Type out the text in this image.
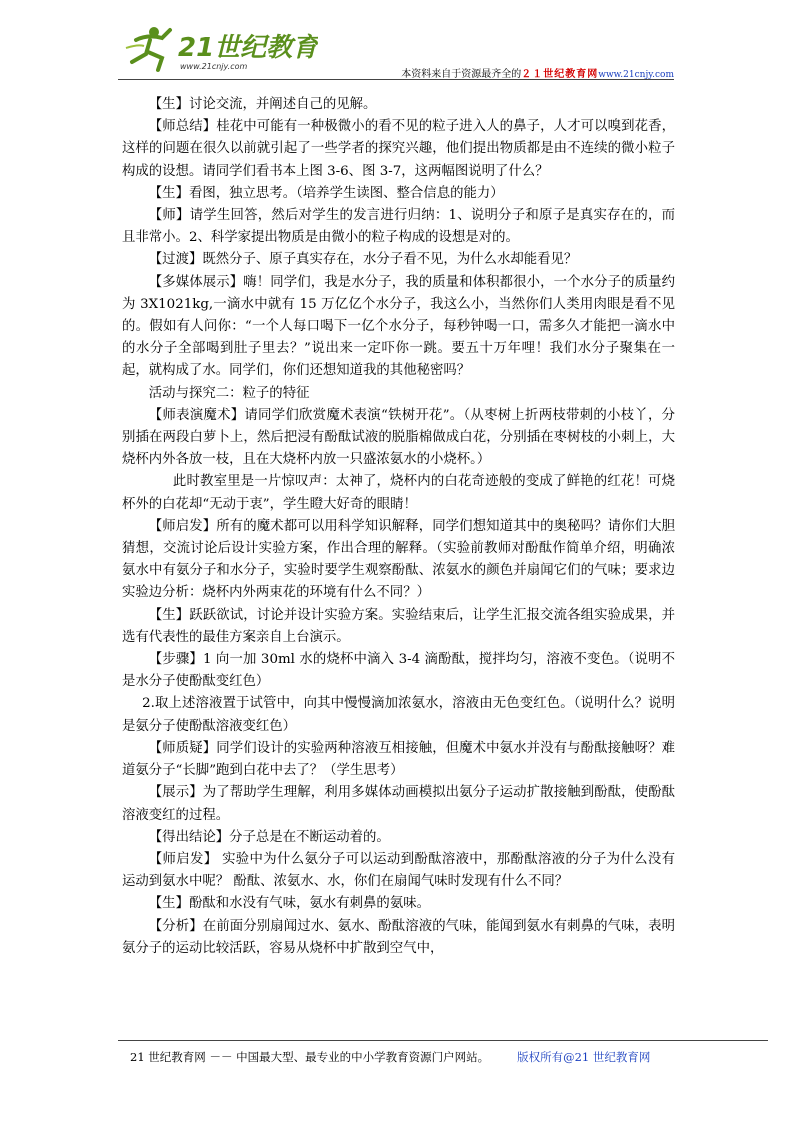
21世纪教育
www.21cnjy.com
本资料来自于资源最齐全的２１世纪教育网www.21cnjy.com

【生】讨论交流，并阐述自己的见解。

【师总结】桂花中可能有一种极微小的看不见的粒子进入人的鼻子，人才可以嗅到花香，这样的问题在很久以前就引起了一些学者的探究兴趣，他们提出物质都是由不连续的微小粒子构成的设想。请同学们看书本上图 3-6、图 3-7，这两幅图说明了什么？

【生】看图，独立思考。（培养学生读图、整合信息的能力）

【师】请学生回答，然后对学生的发言进行归纳：1、说明分子和原子是真实存在的，而且非常小。2、科学家提出物质是由微小的粒子构成的设想是对的。

【过渡】既然分子、原子真实存在，水分子看不见，为什么水却能看见？

【多媒体展示】嗨！同学们，我是水分子，我的质量和体积都很小，一个水分子的质量约为 3X1021kg,一滴水中就有 15 万亿亿个水分子，我这么小，当然你们人类用肉眼是看不见的。假如有人问你：“一个人每口喝下一亿个水分子，每秒钟喝一口，需多久才能把一滴水中的水分子全部喝到肚子里去？”说出来一定吓你一跳。要五十万年哩！我们水分子聚集在一起，就构成了水。同学们，你们还想知道我的其他秘密吗？

活动与探究二：粒子的特征

【师表演魔术】请同学们欣赏魔术表演“铁树开花”。（从枣树上折两枝带刺的小枝丫，分别插在两段白萝卜上，然后把浸有酚酞试液的脱脂棉做成白花，分别插在枣树枝的小刺上，大烧杯内外各放一枝，且在大烧杯内放一只盛浓氨水的小烧杯。）

此时教室里是一片惊叹声：太神了，烧杯内的白花奇迹般的变成了鲜艳的红花！可烧杯外的白花却“无动于衷”，学生瞪大好奇的眼睛！

【师启发】所有的魔术都可以用科学知识解释，同学们想知道其中的奥秘吗？请你们大胆猜想，交流讨论后设计实验方案，作出合理的解释。（实验前教师对酚酞作简单介绍，明确浓氨水中有氨分子和水分子，实验时要学生观察酚酞、浓氨水的颜色并扇闻它们的气味；要求边实验边分析：烧杯内外两束花的环境有什么不同？）

【生】跃跃欲试，讨论并设计实验方案。实验结束后，让学生汇报交流各组实验成果，并选有代表性的最佳方案亲自上台演示。

【步骤】1 向一加 30ml 水的烧杯中滴入 3-4 滴酚酞，搅拌均匀，溶液不变色。（说明不是水分子使酚酞变红色）

2.取上述溶液置于试管中，向其中慢慢滴加浓氨水，溶液由无色变红色。（说明什么？说明是氨分子使酚酞溶液变红色）

【师质疑】同学们设计的实验两种溶液互相接触，但魔术中氨水并没有与酚酞接触呀？难道氨分子“长脚”跑到白花中去了？（学生思考）

【展示】为了帮助学生理解，利用多媒体动画模拟出氨分子运动扩散接触到酚酞，使酚酞溶液变红的过程。

【得出结论】分子总是在不断运动着的。

【师启发】 实验中为什么氨分子可以运动到酚酞溶液中，那酚酞溶液的分子为什么没有运动到氨水中呢？ 酚酞、浓氨水、水，你们在扇闻气味时发现有什么不同？

【生】酚酞和水没有气味，氨水有刺鼻的氨味。

【分析】在前面分别扇闻过水、氨水、酚酞溶液的气味，能闻到氨水有刺鼻的气味，表明氨分子的运动比较活跃，容易从烧杯中扩散到空气中，

21 世纪教育网 －－ 中国最大型、最专业的中小学教育资源门户网站。 版权所有@21 世纪教育网
